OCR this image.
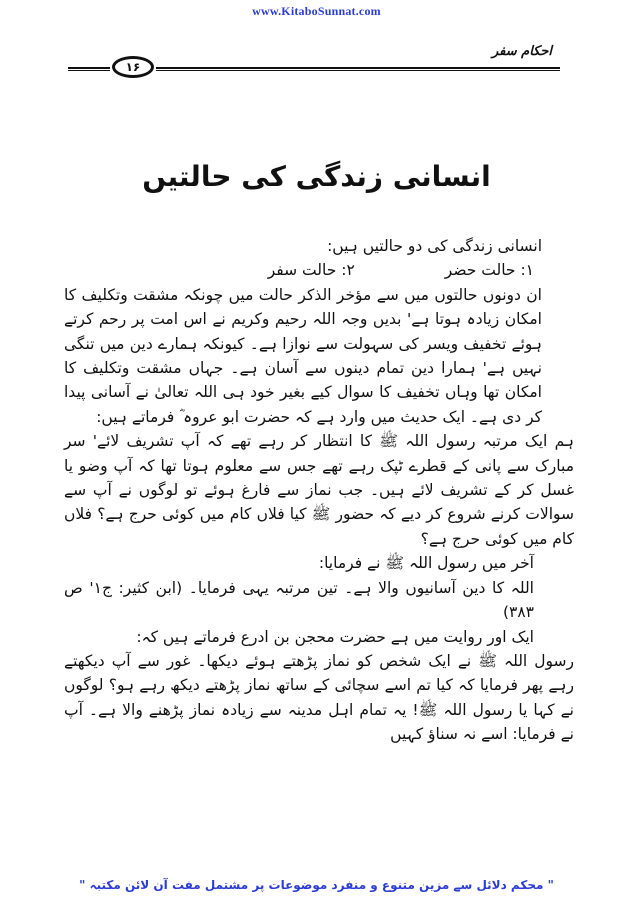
www.KitaboSunnat.com
۱۶
احکام سفر
انسانی زندگی کی حالتیں

انسانی زندگی کی دو حالتیں ہیں:

۱: حالت حضر
۲: حالت سفر

ان دونوں حالتوں میں سے مؤخر الذکر حالت میں چونکہ مشقت وتکلیف کا امکان زیادہ ہوتا ہے' بدیں وجہ اللہ رحیم وکریم نے اس امت پر رحم کرتے ہوئے تخفیف ویسر کی سہولت سے نوازا ہے۔ کیونکہ ہمارے دین میں تنگی نہیں ہے' ہمارا دین تمام دینوں سے آسان ہے۔ جہاں مشقت وتکلیف کا امکان تھا وہاں تخفیف کا سوال کیے بغیر خود ہی اللہ تعالیٰ نے آسانی پیدا کر دی ہے۔ ایک حدیث میں وارد ہے کہ حضرت ابو عروہ ؓ فرماتے ہیں:

ہم ایک مرتبہ رسول اللہ ﷺ کا انتظار کر رہے تھے کہ آپ تشریف لائے' سر مبارک سے پانی کے قطرے ٹپک رہے تھے جس سے معلوم ہوتا تھا کہ آپ وضو یا غسل کر کے تشریف لائے ہیں۔ جب نماز سے فارغ ہوئے تو لوگوں نے آپ سے سوالات کرنے شروع کر دیے کہ حضور ﷺ کیا فلاں کام میں کوئی حرج ہے؟ فلاں کام میں کوئی حرج ہے؟

آخر میں رسول اللہ ﷺ نے فرمایا:

اللہ کا دین آسانیوں والا ہے۔ تین مرتبہ یہی فرمایا۔ (ابن کثیر: ج۱' ص ۳۸۳)

ایک اور روایت میں ہے حضرت محجن بن ادرع فرماتے ہیں کہ:

رسول اللہ ﷺ نے ایک شخص کو نماز پڑھتے ہوئے دیکھا۔ غور سے آپ دیکھتے رہے پھر فرمایا کہ کیا تم اسے سچائی کے ساتھ نماز پڑھتے دیکھ رہے ہو؟ لوگوں نے کہا یا رسول اللہ ﷺ! یہ تمام اہل مدینہ سے زیادہ نماز پڑھنے والا ہے۔ آپ نے فرمایا: اسے نہ سناؤ کہیں

" محکم دلائل سے مزین متنوع و منفرد موضوعات پر مشتمل مفت آن لائن مکتبہ "
